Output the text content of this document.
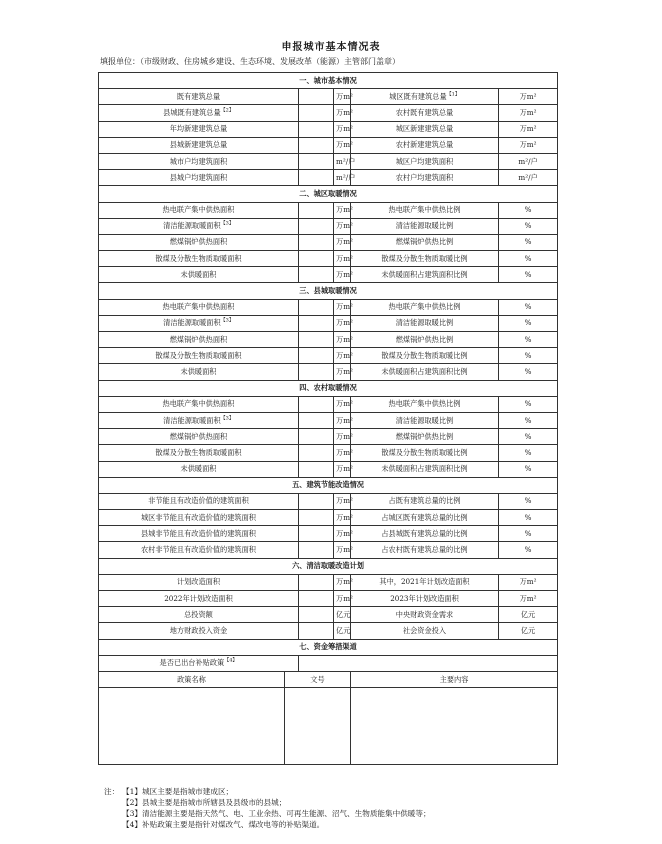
申报城市基本情况表
填报单位：（市级财政、住房城乡建设、生态环境、发展改革（能源）主管部门盖章）
一、城市基本情况					
既有建筑总量			万m²	城区既有建筑总量$^{【1】}$	万m²
县城既有建筑总量$^{【2】}$			万m²	农村既有建筑总量	万m²
年均新建建筑总量			万m²	城区新建建筑总量	万m²
县城新建建筑总量			万m²	农村新建建筑总量	万m²
城市户均建筑面积			m²/户	城区户均建筑面积	m²/户
县城户均建筑面积			m²/户	农村户均建筑面积	m²/户
二、城区取暖情况					
热电联产集中供热面积			万m²	热电联产集中供热比例	%
清洁能源取暖面积$^{【3】}$			万m²	清洁能源取暖比例	%
燃煤锅炉供热面积			万m²	燃煤锅炉供热比例	%
散煤及分散生物质取暖面积			万m²	散煤及分散生物质取暖比例	%
未供暖面积			万m²	未供暖面积占建筑面积比例	%
三、县城取暖情况					
热电联产集中供热面积			万m²	热电联产集中供热比例	%
清洁能源取暖面积$^{【3】}$			万m²	清洁能源取暖比例	%
燃煤锅炉供热面积			万m²	燃煤锅炉供热比例	%
散煤及分散生物质取暖面积			万m²	散煤及分散生物质取暖比例	%
未供暖面积			万m²	未供暖面积占建筑面积比例	%
四、农村取暖情况					
热电联产集中供热面积			万m²	热电联产集中供热比例	%
清洁能源取暖面积$^{【3】}$			万m²	清洁能源取暖比例	%
燃煤锅炉供热面积			万m²	燃煤锅炉供热比例	%
散煤及分散生物质取暖面积			万m²	散煤及分散生物质取暖比例	%
未供暖面积			万m²	未供暖面积占建筑面积比例	%
五、建筑节能改造情况					
非节能且有改造价值的建筑面积			万m²	占既有建筑总量的比例	%
城区非节能且有改造价值的建筑面积			万m²	占城区既有建筑总量的比例	%
县城非节能且有改造价值的建筑面积			万m²	占县城既有建筑总量的比例	%
农村非节能且有改造价值的建筑面积			万m²	占农村既有建筑总量的比例	%
六、清洁取暖改造计划					
计划改造面积			万m²	其中，2021年计划改造面积	万m²
2022年计划改造面积			万m²	2023年计划改造面积	万m²
总投资额			亿元	中央财政资金需求	亿元
地方财政投入资金			亿元	社会资金投入	亿元
七、资金筹措渠道					
是否已出台补贴政策$^{【4】}$	
政策名称	文号			主要内容	

注： 【1】城区主要是指城市建成区；
【2】县城主要是指城市所辖县及县级市的县城；
【3】清洁能源主要是指天然气、电、工业余热、可再生能源、沼气、生物质能集中供暖等；
【4】补贴政策主要是指针对煤改气、煤改电等的补贴渠道。
